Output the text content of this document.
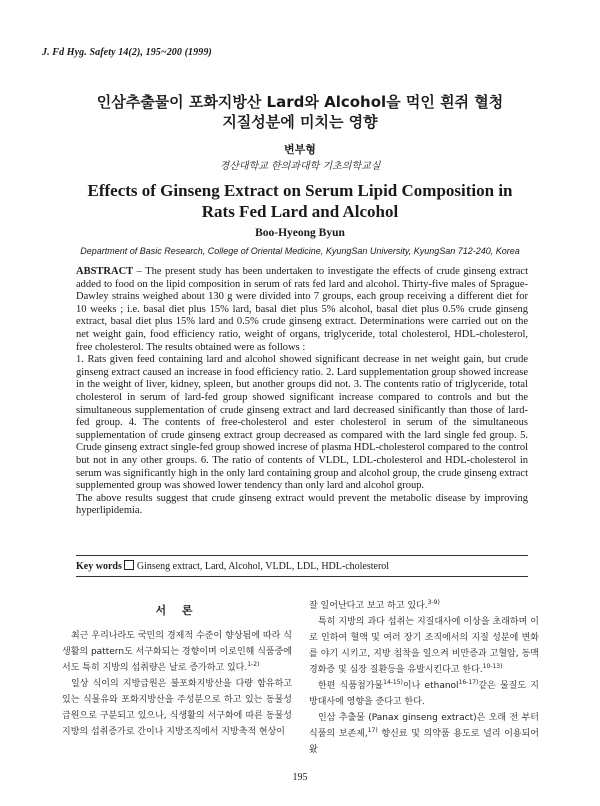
J. Fd Hyg. Safety 14(2), 195~200 (1999)
인삼추출물이 포화지방산 Lard와 Alcohol을 먹인 흰쥐 혈청
지질성분에 미치는 영향
변부형
경산대학교 한의과대학 기초의학교실
Effects of Ginseng Extract on Serum Lipid Composition in
Rats Fed Lard and Alcohol
Boo-Hyeong Byun
Department of Basic Research, College of Oriental Medicine, KyungSan University, KyungSan 712-240, Korea

ABSTRACT – The present study has been undertaken to investigate the effects of crude ginseng extract added to food on the lipid composition in serum of rats fed lard and alcohol. Thirty-five males of Sprague-Dawley strains weighed about 130 g were divided into 7 groups, each group receiving a different diet for 10 weeks ; i.e. basal diet plus 15% lard, basal diet plus 5% alcohol, basal diet plus 0.5% crude ginseng extract, basal diet plus 15% lard and 0.5% crude ginseng extract. Determinations were carried out on the net weight gain, food efficiency ratio, weight of organs, triglyceride, total cholesterol, HDL-cholesterol, free cholesterol. The results obtained were as follows :

1. Rats given feed containing lard and alcohol showed significant decrease in net weight gain, but crude ginseng extract caused an increase in food efficiency ratio. 2. Lard supplementation group showed increase in the weight of liver, kidney, spleen, but another groups did not. 3. The contents ratio of triglyceride, total cholesterol in serum of lard-fed group showed significant increase compared to controls and but the simultaneous supplementation of crude ginseng extract and lard decreased sinificantly than those of lard-fed group. 4. The contents of free-cholesterol and ester cholesterol in serum of the simultaneous supplementation of crude ginseng extract group decreased as compared with the lard single fed group. 5. Crude ginseng extract single-fed group showed increse of plasma HDL-cholesterol compared to the control but not in any other groups. 6. The ratio of contents of VLDL, LDL-cholesterol and HDL-cholesterol in serum was significantly high in the only lard containing group and alcohol group, the crude ginseng extract supplemented group was showed lower tendency than only lard and alcohol group.

The above results suggest that crude ginseng extract would prevent the metabolic disease by improving hyperlipidemia.

Key words Ginseng extract, Lard, Alcohol, VLDL, LDL, HDL-cholesterol
서 론

최근 우리나라도 국민의 경제적 수준이 향상됨에 따라 식생활의 pattern도 서구화되는 경향이며 이로인해 식품중에서도 특히 지방의 섭취량은 날로 증가하고 있다.$^{1-2)}$

일상 식이의 지방급원은 불포화지방산을 다량 함유하고 있는 식물유와 포화지방산을 주성분으로 하고 있는 동물성 급원으로 구분되고 있으나, 식생활의 서구화에 따른 동물성 지방의 섭취증가로 간이나 지방조직에서 지방축적 현상이

잘 일어난다고 보고 하고 있다.$^{3-9)}$

특히 지방의 과다 섭취는 지질대사에 이상을 초래하며 이로 인하여 혈액 및 여러 장기 조직에서의 지질 성분에 변화를 야기 시키고, 지방 침착을 일으켜 비만증과 고혈압, 동맥경화증 및 심장 질환등을 유발시킨다고 한다.$^{10-13)}$

한편 식품첨가물$^{14-15)}$이나 ethanol$^{16-17)}$같은 물질도 지방대사에 영향을 준다고 한다.

인삼 추출물 (Panax ginseng extract)은 오래 전 부터 식품의 보존제,$^{17)}$ 향신료 및 의약품 용도로 널리 이용되어왔

195
